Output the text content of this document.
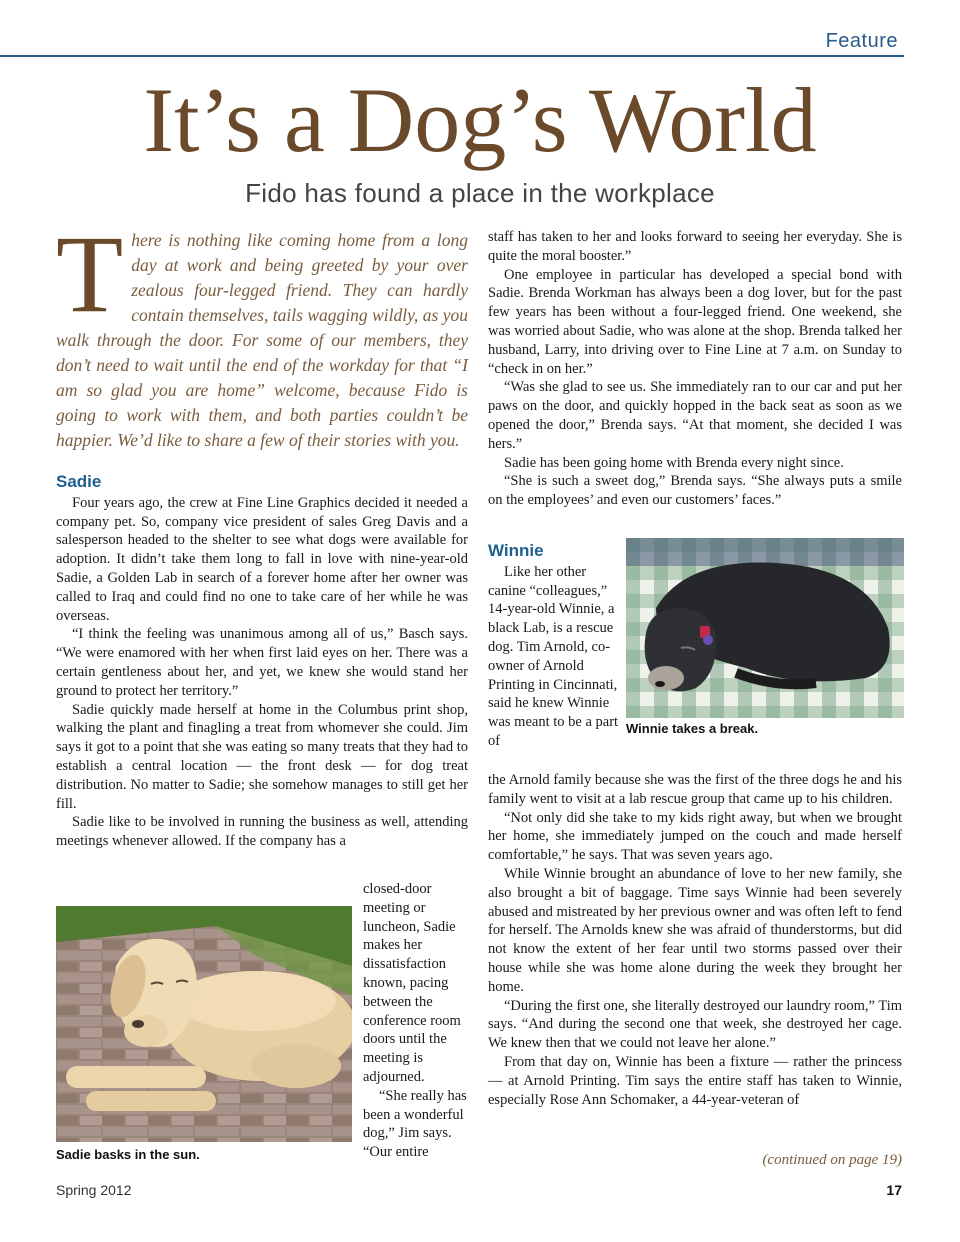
Feature
It’s a Dog’s World
Fido has found a place in the workplace

There is nothing like coming home from a long day at work and being greeted by your over zealous four-legged friend. They can hardly contain themselves, tails wagging wildly, as you walk through the door. For some of our members, they don’t need to wait until the end of the workday for that “I am so glad you are home” welcome, because Fido is going to work with them, and both parties couldn’t be happier. We’d like to share a few of their stories with you.

Sadie

Four years ago, the crew at Fine Line Graphics decided it needed a company pet. So, company vice president of sales Greg Davis and a salesperson headed to the shelter to see what dogs were available for adoption. It didn’t take them long to fall in love with nine-year-old Sadie, a Golden Lab in search of a forever home after her owner was called to Iraq and could find no one to take care of her while he was overseas.

“I think the feeling was unanimous among all of us,” Basch says. “We were enamored with her when first laid eyes on her. There was a certain gentleness about her, and yet, we knew she would stand her ground to protect her territory.”

Sadie quickly made herself at home in the Columbus print shop, walking the plant and finagling a treat from whomever she could. Jim says it got to a point that she was eating so many treats that they had to establish a central location — the front desk — for dog treat distribution. No matter to Sadie; she somehow manages to still get her fill.

Sadie like to be involved in running the business as well, attending meetings whenever allowed. If the company has a

Sadie basks in the sun.

closed-door meeting or luncheon, Sadie makes her dissatisfaction known, pacing between the conference room doors until the meeting is adjourned.

“She really has been a wonderful dog,” Jim says. “Our entire

staff has taken to her and looks forward to seeing her everyday. She is quite the moral booster.”

One employee in particular has developed a special bond with Sadie. Brenda Workman has always been a dog lover, but for the past few years has been without a four-legged friend. One weekend, she was worried about Sadie, who was alone at the shop. Brenda talked her husband, Larry, into driving over to Fine Line at 7 a.m. on Sunday to “check in on her.”

“Was she glad to see us. She immediately ran to our car and put her paws on the door, and quickly hopped in the back seat as soon as we opened the door,” Brenda says. “At that moment, she decided I was hers.”

Sadie has been going home with Brenda every night since.

“She is such a sweet dog,” Brenda says. “She always puts a smile on the employees’ and even our customers’ faces.”

Winnie

Like her other canine “colleagues,” 14-year-old Winnie, a black Lab, is a rescue dog. Tim Arnold, co-owner of Arnold Printing in Cincinnati, said he knew Winnie was meant to be a part of

Winnie takes a break.

the Arnold family because she was the first of the three dogs he and his family went to visit at a lab rescue group that came up to his children.

“Not only did she take to my kids right away, but when we brought her home, she immediately jumped on the couch and made herself comfortable,” he says. That was seven years ago.

While Winnie brought an abundance of love to her new family, she also brought a bit of baggage. Time says Winnie had been severely abused and mistreated by her previous owner and was often left to fend for herself. The Arnolds knew she was afraid of thunderstorms, but did not know the extent of her fear until two storms passed over their house while she was home alone during the week they brought her home.

“During the first one, she literally destroyed our laundry room,” Tim says. “And during the second one that week, she destroyed her cage. We knew then that we could not leave her alone.”

From that day on, Winnie has been a fixture — rather the princess — at Arnold Printing. Tim says the entire staff has taken to Winnie, especially Rose Ann Schomaker, a 44-year-veteran of

(continued on page 19)
Spring 2012	17
